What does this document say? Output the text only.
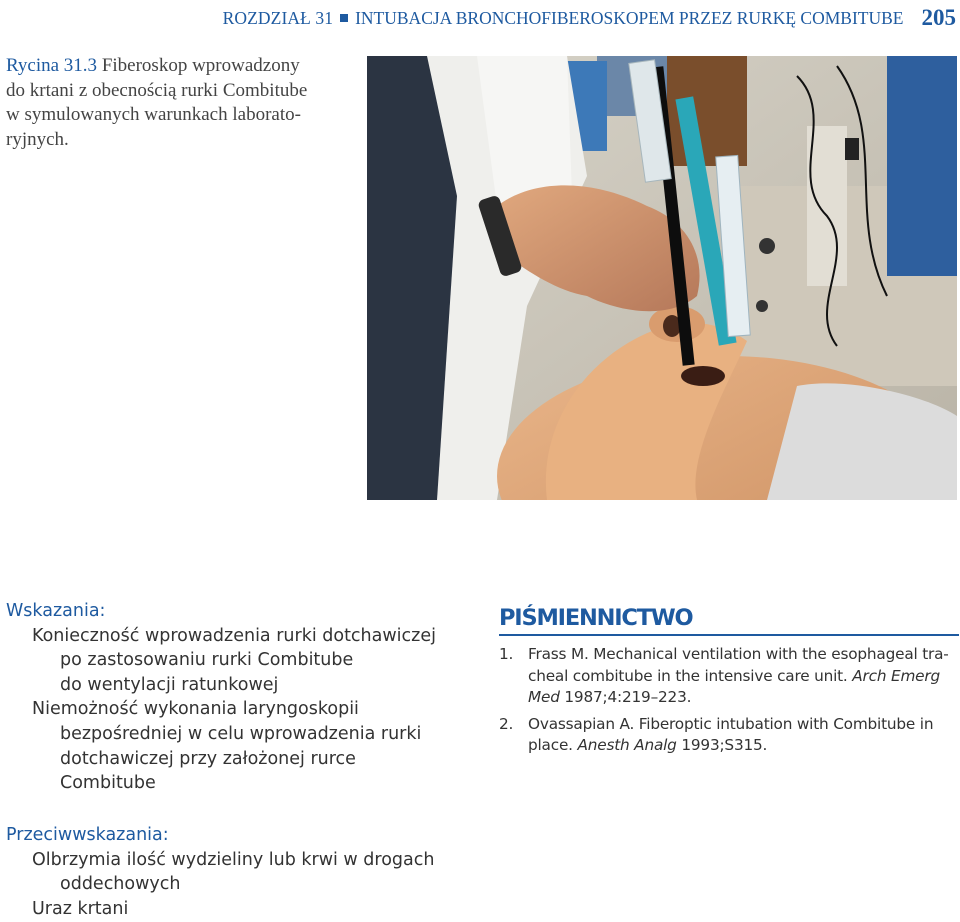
ROZDZIAŁ 31 INTUBACJA BRONCHOFIBEROSKOPEM PRZEZ RURKĘ COMBITUBE 205
Rycina 31.3 Fiberoskop wprowadzony
do krtani z obecnością rurki Combitube
w symulowanych warunkach laborato-
ryjnych.
Wskazania:
Konieczność wprowadzenia rurki dotchawiczej
po zastosowaniu rurki Combitube
do wentylacji ratunkowej
Niemożność wykonania laryngoskopii
bezpośredniej w celu wprowadzenia rurki
dotchawiczej przy założonej rurce
Combitube
Przeciwwskazania:
Olbrzymia ilość wydzieliny lub krwi w drogach
oddechowych
Uraz krtani
PIŚMIENNICTWO
1. Frass M. Mechanical ventilation with the esophageal tra-
cheal combitube in the intensive care unit. Arch Emerg
Med 1987;4:219–223.
2. Ovassapian A. Fiberoptic intubation with Combitube in
place. Anesth Analg 1993;S315.
